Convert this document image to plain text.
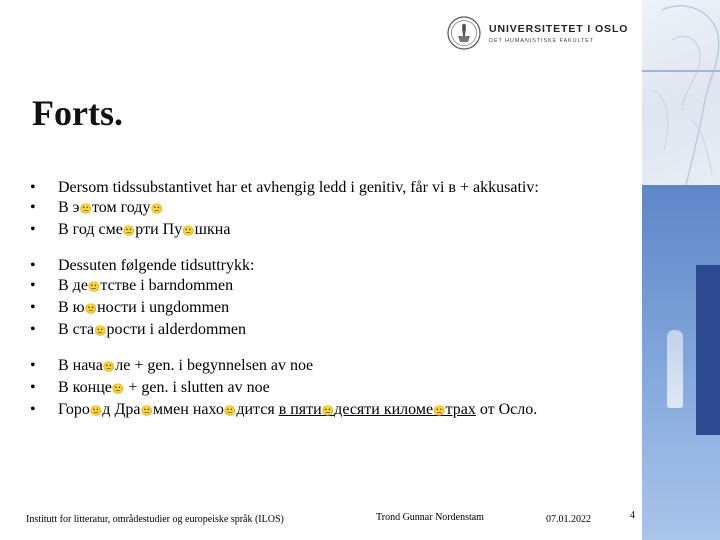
UNIVERSITETET I OSLO
DET HUMANISTISKE FAKULTET
Forts.
• Dersom tidssubstantivet har et avhengig ledd i genitiv, får vi в + akkusativ:
• В э🙁том году🙁
• В год сме🙁рти Пу🙁шкна
• Dessuten følgende tidsuttrykk:
• В де🙁тстве i barndommen
• В ю🙁ности i ungdommen
• В ста🙁рости i alderdommen
• В нача🙁ле + gen. i begynnelsen av noe
• В конце🙁 + gen. i slutten av noe
• Горо🙁д Дра🙁ммен нахо🙁дится в пяти🙁десяти киломе🙁трах от Осло.
Institutt for litteratur, områdestudier og europeiske språk (ILOS)	Trond Gunnar Nordenstam	07.01.2022	4
